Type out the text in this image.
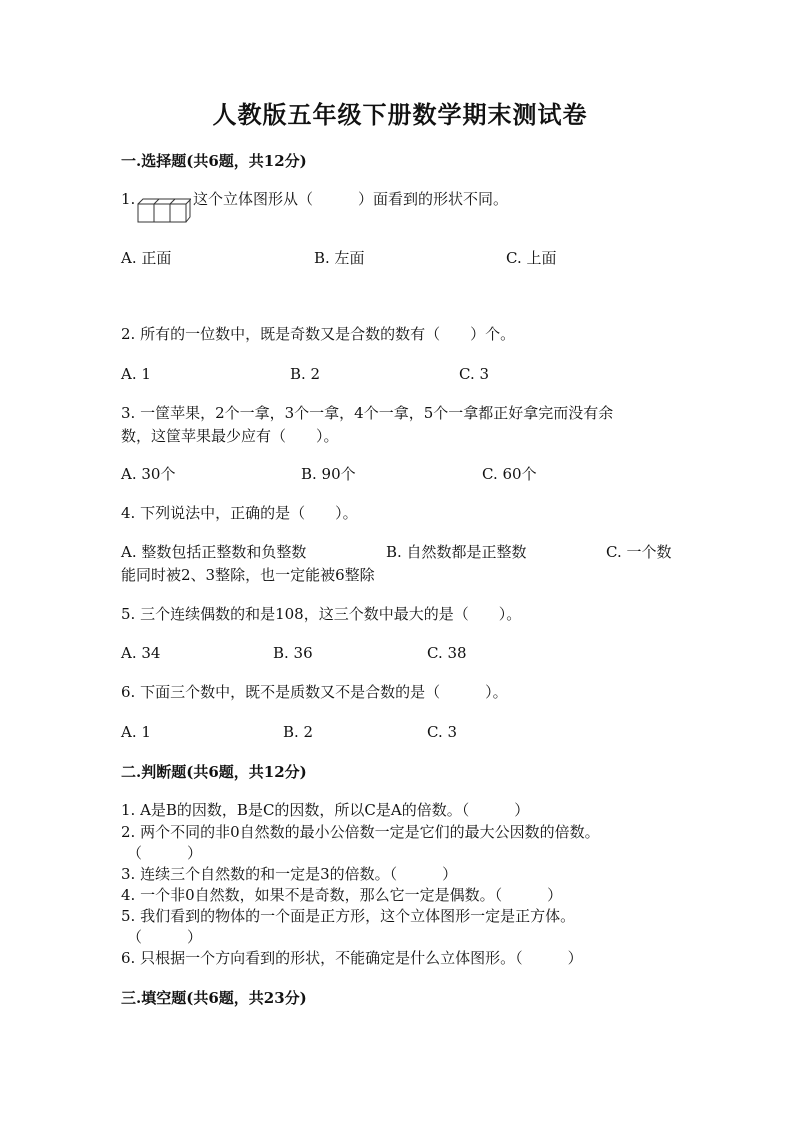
人教版五年级下册数学期末测试卷
一.选择题(共6题，共12分)
1.	这个立体图形从（　　　）面看到的形状不同。
A. 正面	B. 左面	C. 上面
2. 所有的一位数中，既是奇数又是合数的数有（　　）个。
A. 1	B. 2	C. 3
3. 一筐苹果，2个一拿，3个一拿，4个一拿，5个一拿都正好拿完而没有余
数，这筐苹果最少应有（　　）。
A. 30个	B. 90个	C. 60个
4. 下列说法中，正确的是（　　）。
A. 整数包括正整数和负整数	B. 自然数都是正整数	C. 一个数
能同时被2、3整除，也一定能被6整除
5. 三个连续偶数的和是108，这三个数中最大的是（　　）。
A. 34	B. 36	C. 38
6. 下面三个数中，既不是质数又不是合数的是（　　　）。
A. 1	B. 2	C. 3
二.判断题(共6题，共12分)
1. A是B的因数，B是C的因数，所以C是A的倍数。（　　　）
2. 两个不同的非0自然数的最小公倍数一定是它们的最大公因数的倍数。
（　　　）
3. 连续三个自然数的和一定是3的倍数。（　　　）
4. 一个非0自然数，如果不是奇数，那么它一定是偶数。（　　　）
5. 我们看到的物体的一个面是正方形，这个立体图形一定是正方体。
（　　　）
6. 只根据一个方向看到的形状，不能确定是什么立体图形。（　　　）
三.填空题(共6题，共23分)
